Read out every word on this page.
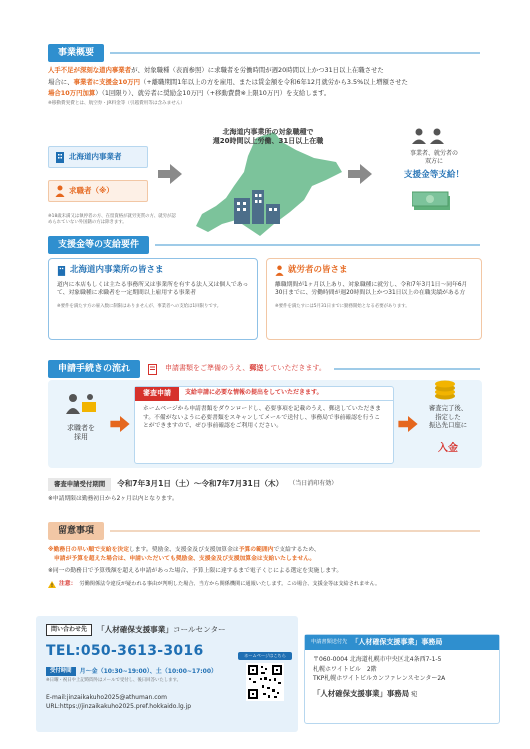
事業概要
人手不足が深刻な道内事業者が、対象職種（表面参照）に求職者を労働時間が週20時間以上かつ31日以上在職させた
場合に、事業者に支援金10万円（+離職期間1年以上の方を雇用、または賃金額を令和6年12月就労から3.5%以上増額させた
場合10万円加算）（1回限り）、就労者に奨励金10万円（+移動費費※上限10万円）を支給します。
※移動費実費とは、航空券・JR料金等（引越費用等は含みません）
北海道内事業者
求職者（※）
※18歳未満又は執停者の方、在留資格が就労実質の方、就労が認められていない外国籍の方は除きます。
北海道内事業所の対象職種で
週20時間以上労働、31日以上在職
事業者、就労者の
双方に
支援金等支給！
支援金等の支給要件
北海道内事業所の皆さま
道内に本店もしくは主たる事務所又は事業所を有する法人又は個人であって、対象職種に求職者を一定期間以上雇用する事業者
※要件を満たす方の雇入数に制限はありませんが、事業者への支給は1回限りです。
就労者の皆さま
離職期間が1ヶ月以上あり、対象職種に就労し、令和7年3月1日～同年6月30日までに、労働時間が週20時間以上かつ31日以上の在職実績がある方
※要件を満たすには5月31日までに勤務開始となる必要があります。
申請手続きの流れ	申請書類をご準備のうえ、郵送していただきます。
求職者を
採用
審査申請	支給申請に必要な情報の提出をしていただきます。
ホームページから申請書類をダウンロードし、必要事項を記載のうえ、郵送していただきます。不備がないように必要書類をスキャンしてメールで送付し、事務局で事前確認を行うことができますので、ぜひ事前確認をご利用ください。
審査完了後、
指定した
振込先口座に
入金
審査申請受付期間	令和7年3月1日（土）～令和7年7月31日（木） （当日消印有効）
※申請期限は勤務初日から2ヶ月以内となります。
留意事項
※勤務日の早い順で支給を決定します。奨励金、支援金及び支援加算金は予算の範囲内で支給するため、
申請が予算を超えた場合は、申請いただいても奨励金、支援金及び支援加算金は支給いたしません。
※同一の勤務日で予算残額を超える申請があった場合、予算上限に達するまで電子くじによる選定を実施します。
注意： 労働関係法令違反が疑われる事由が判明した場合、当方から関係機関に通報いたします。この場合、支援金等は支給されません。
問い合わせ先	「人材確保支援事業」コールセンター
TEL:050-3613-3016
受付時間	月～金（10:30~19:00）、土（10:00~17:00）
※日曜・祝日や上記時間外はメールで受付し、後日回答いたします。
E-mail:jinzaikakuho2025@athuman.com
URL:https://jinzaikakuho2025.pref.hokkaido.lg.jp
ホームページはこちら
申請書類送付先 「人材確保支援事業」事務局
〒060-0004 北海道札幌市中央区北4条西7-1-5
札幌ホワイトビル　2階
TKP札幌ホワイトビルカンファレンスセンター2A
「人材確保支援事業」事務局 宛
